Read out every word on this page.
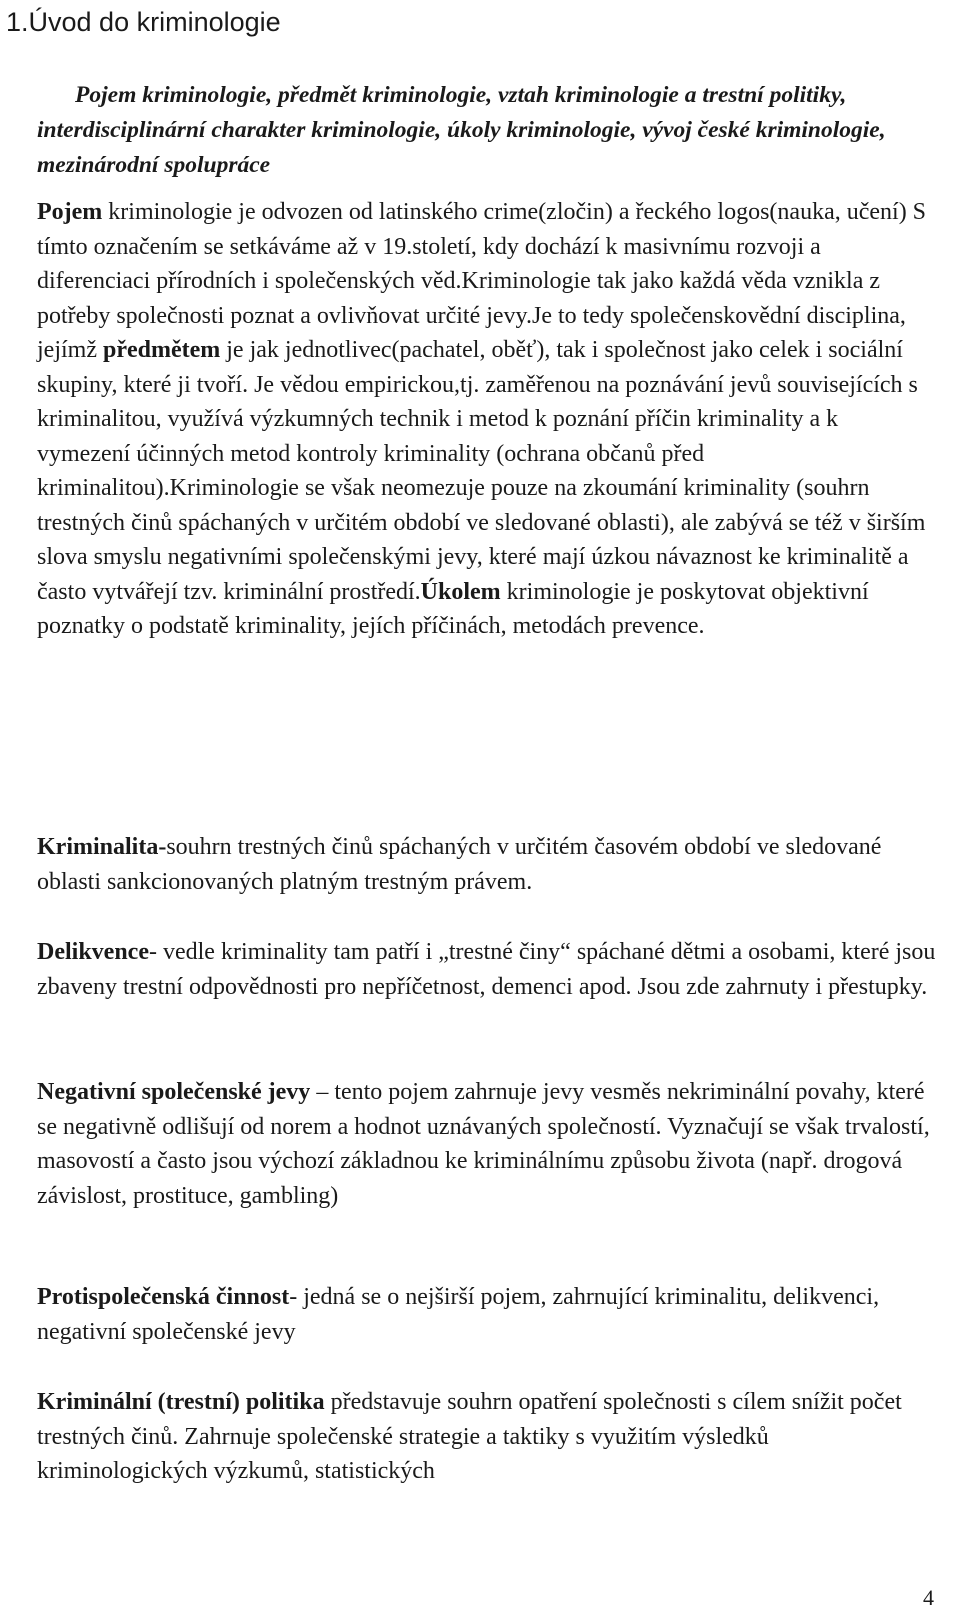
1.Úvod do kriminologie

Pojem kriminologie, předmět kriminologie, vztah kriminologie a trestní politiky, interdisciplinární charakter kriminologie, úkoly kriminologie, vývoj české kriminologie, mezinárodní spolupráce

Pojem kriminologie je odvozen od latinského crime(zločin) a řeckého logos(nauka, učení) S tímto označením se setkáváme až v 19.století, kdy dochází k masivnímu rozvoji a diferenciaci přírodních i společenských věd.Kriminologie tak jako každá věda vznikla z potřeby společnosti poznat a ovlivňovat určité jevy.Je to tedy společenskovědní disciplina, jejímž předmětem je jak jednotlivec(pachatel, oběť), tak i společnost jako celek i sociální skupiny, které ji tvoří. Je vědou empirickou,tj. zaměřenou na poznávání jevů souvisejících s kriminalitou, využívá výzkumných technik i metod k poznání příčin kriminality a k vymezení účinných metod kontroly kriminality (ochrana občanů před kriminalitou).Kriminologie se však neomezuje pouze na zkoumání kriminality (souhrn trestných činů spáchaných v určitém období ve sledované oblasti), ale zabývá se též v širším slova smyslu negativními společenskými jevy, které mají úzkou návaznost ke kriminalitě a často vytvářejí tzv. kriminální prostředí.Úkolem kriminologie je poskytovat objektivní poznatky o podstatě kriminality, jejích příčinách, metodách prevence.

Kriminalita-souhrn trestných činů spáchaných v určitém časovém období ve sledované oblasti sankcionovaných platným trestným právem.

Delikvence- vedle kriminality tam patří i „trestné činy“ spáchané dětmi a osobami, které jsou zbaveny trestní odpovědnosti pro nepříčetnost, demenci apod. Jsou zde zahrnuty i přestupky.

Negativní společenské jevy – tento pojem zahrnuje jevy vesměs nekriminální povahy, které se negativně odlišují od norem a hodnot uznávaných společností. Vyznačují se však trvalostí, masovostí a často jsou výchozí základnou ke kriminálnímu způsobu života (např. drogová závislost, prostituce, gambling)

Protispolečenská činnost- jedná se o nejširší pojem, zahrnující kriminalitu, delikvenci, negativní společenské jevy

Kriminální (trestní) politika představuje souhrn opatření společnosti s cílem snížit počet trestných činů. Zahrnuje společenské strategie a taktiky s využitím výsledků kriminologických výzkumů, statistických

4
